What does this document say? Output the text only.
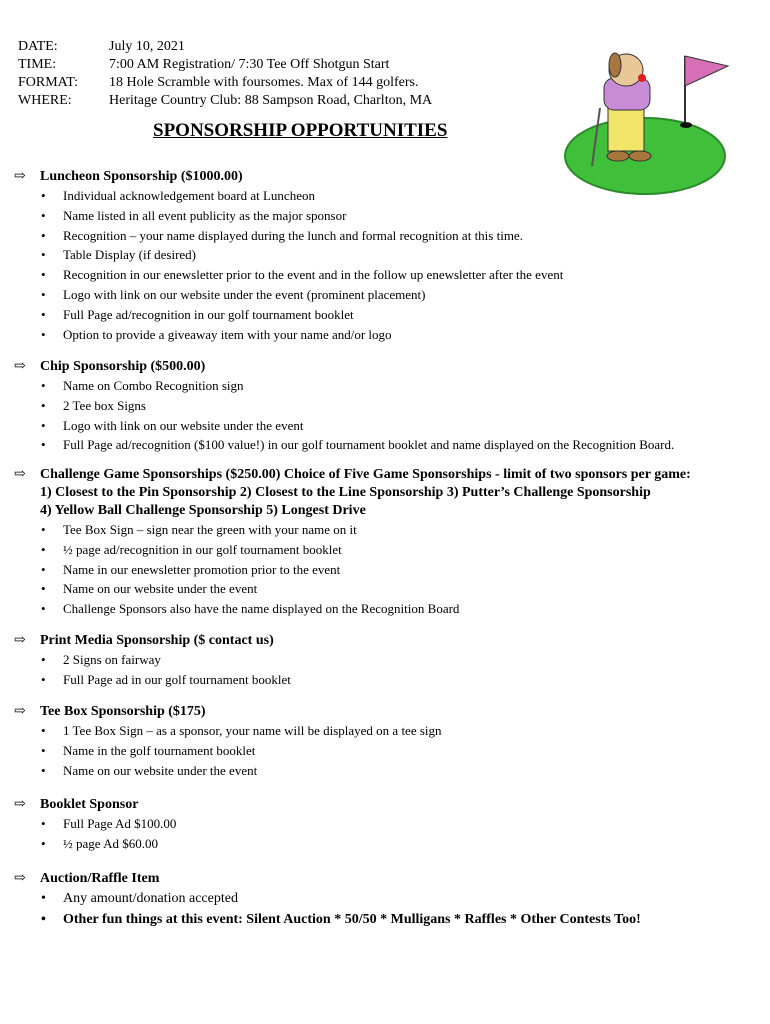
DATE:	July 10, 2021
TIME:	7:00 AM Registration/ 7:30 Tee Off Shotgun Start
FORMAT:	18 Hole Scramble with foursomes. Max of 144 golfers.
WHERE:	Heritage Country Club: 88 Sampson Road, Charlton, MA
SPONSORSHIP OPPORTUNITIES
⇨	Luncheon Sponsorship ($1000.00)
• Individual acknowledgement board at Luncheon
• Name listed in all event publicity as the major sponsor
• Recognition – your name displayed during the lunch and formal recognition at this time.
• Table Display (if desired)
• Recognition in our enewsletter prior to the event and in the follow up enewsletter after the event
• Logo with link on our website under the event (prominent placement)
• Full Page ad/recognition in our golf tournament booklet
• Option to provide a giveaway item with your name and/or logo
⇨	Chip Sponsorship ($500.00)
• Name on Combo Recognition sign
• 2 Tee box Signs
• Logo with link on our website under the event
• Full Page ad/recognition ($100 value!) in our golf tournament booklet and name displayed on the Recognition Board.
⇨	Challenge Game Sponsorships ($250.00) Choice of Five Game Sponsorships - limit of two sponsors per game:
1) Closest to the Pin Sponsorship 2) Closest to the Line Sponsorship 3) Putter’s Challenge Sponsorship
4) Yellow Ball Challenge Sponsorship 5) Longest Drive
• Tee Box Sign – sign near the green with your name on it
• ½ page ad/recognition in our golf tournament booklet
• Name in our enewsletter promotion prior to the event
• Name on our website under the event
• Challenge Sponsors also have the name displayed on the Recognition Board
⇨	Print Media Sponsorship ($ contact us)
• 2 Signs on fairway
• Full Page ad in our golf tournament booklet
⇨	Tee Box Sponsorship ($175)
• 1 Tee Box Sign – as a sponsor, your name will be displayed on a tee sign
• Name in the golf tournament booklet
• Name on our website under the event
⇨	Booklet Sponsor
• Full Page Ad $100.00
• ½ page Ad $60.00
⇨	Auction/Raffle Item
• Any amount/donation accepted
• Other fun things at this event: Silent Auction * 50/50 * Mulligans * Raffles * Other Contests Too!
